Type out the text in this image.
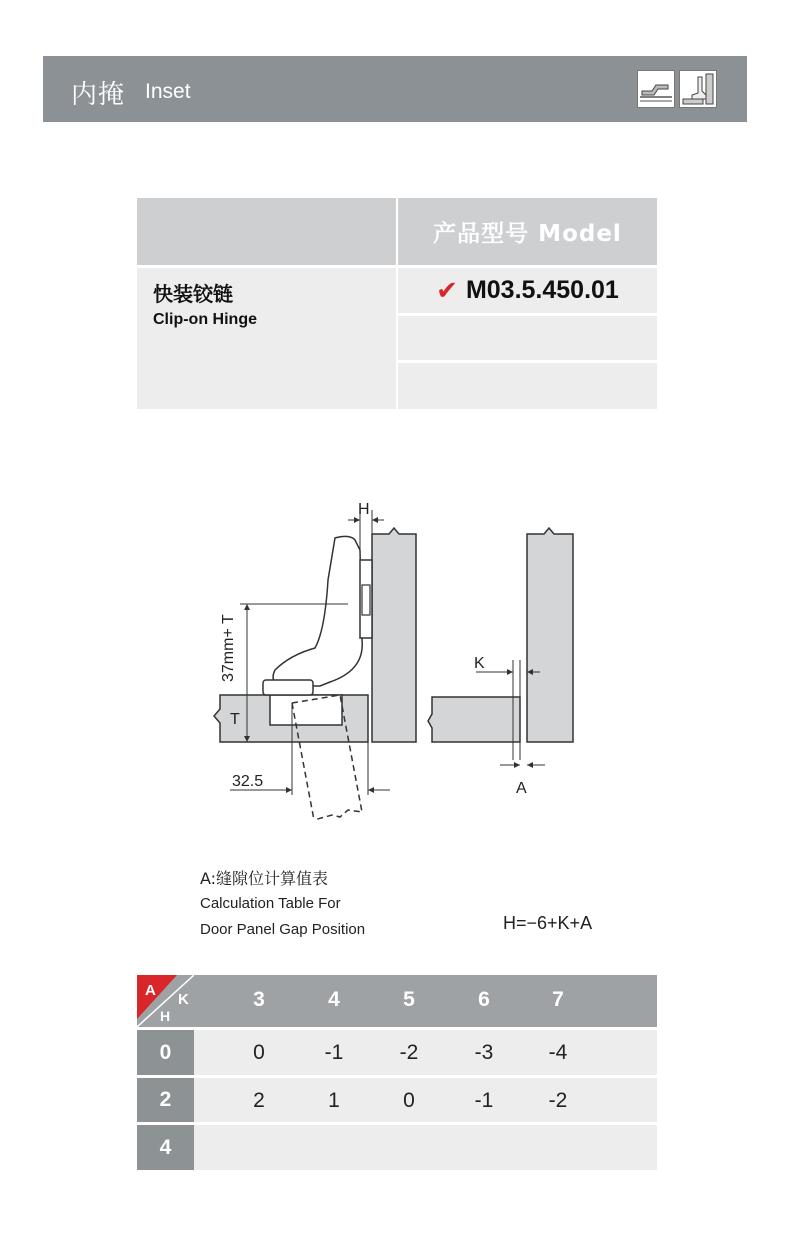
内掩 Inset
产品型号 Model
快装铰链
Clip-on Hinge
✔ M03.5.450.01
H
37mm+ T
T
32.5
K
A
A:缝隙位计算值表
Calculation Table For
Door Panel Gap Position	H=−6+K+A
A
K
H
3	4	5	6	7
0	0	-1	-2	-3	-4
2	2	1	0	-1	-2
4
